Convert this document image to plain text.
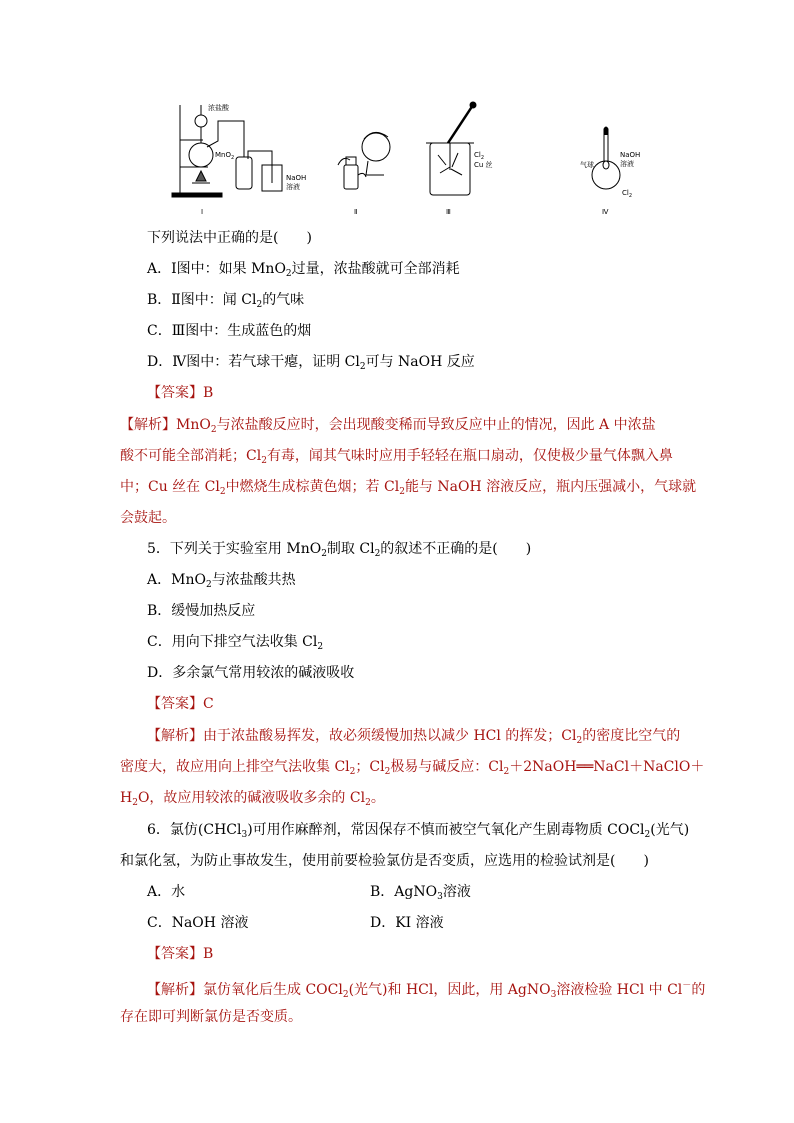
浓盐酸
MnO$_2$
NaOH
溶液
Ⅰ	Ⅱ
$Cl_2$
Cu 丝
Ⅲ
NaOH
溶液
气球
$Cl_2$
Ⅳ
下列说法中正确的是(　　)
A．Ⅰ图中：如果 MnO$_2$过量，浓盐酸就可全部消耗
B．Ⅱ图中：闻 $Cl_2$的气味
C．Ⅲ图中：生成蓝色的烟
D．Ⅳ图中：若气球干瘪，证明 $Cl_2$可与 NaOH 反应
【答案】B
【解析】MnO$_2$与浓盐酸反应时，会出现酸变稀而导致反应中止的情况，因此 A 中浓盐
酸不可能全部消耗；$Cl_2$有毒，闻其气味时应用手轻轻在瓶口扇动，仅使极少量气体飘入鼻
中；Cu 丝在 $Cl_2$中燃烧生成棕黄色烟；若 $Cl_2$能与 NaOH 溶液反应，瓶内压强减小，气球就
会鼓起。
5．下列关于实验室用 MnO$_2$制取 $Cl_2$的叙述不正确的是(　　)
A．MnO$_2$与浓盐酸共热
B．缓慢加热反应
C．用向下排空气法收集 $Cl_2$
D．多余氯气常用较浓的碱液吸收
【答案】C
【解析】由于浓盐酸易挥发，故必须缓慢加热以减少 HCl 的挥发；$Cl_2$的密度比空气的
密度大，故应用向上排空气法收集 $Cl_2$；$Cl_2$极易与碱反应：$Cl_2+2NaOH══NaCl+NaClO+$
$H_2O$，故应用较浓的碱液吸收多余的 $Cl_2$。
6．氯仿(CHCl$_3$)可用作麻醉剂，常因保存不慎而被空气氧化产生剧毒物质 COCl$_2$(光气)
和氯化氢，为防止事故发生，使用前要检验氯仿是否变质，应选用的检验试剂是(　　)
A．水	B．AgNO$_3$溶液
C．NaOH 溶液	D．KI 溶液
【答案】B
【解析】氯仿氧化后生成 COCl$_2$(光气)和 HCl，因此，用 AgNO$_3$溶液检验 HCl 中 Cl－的
存在即可判断氯仿是否变质。
